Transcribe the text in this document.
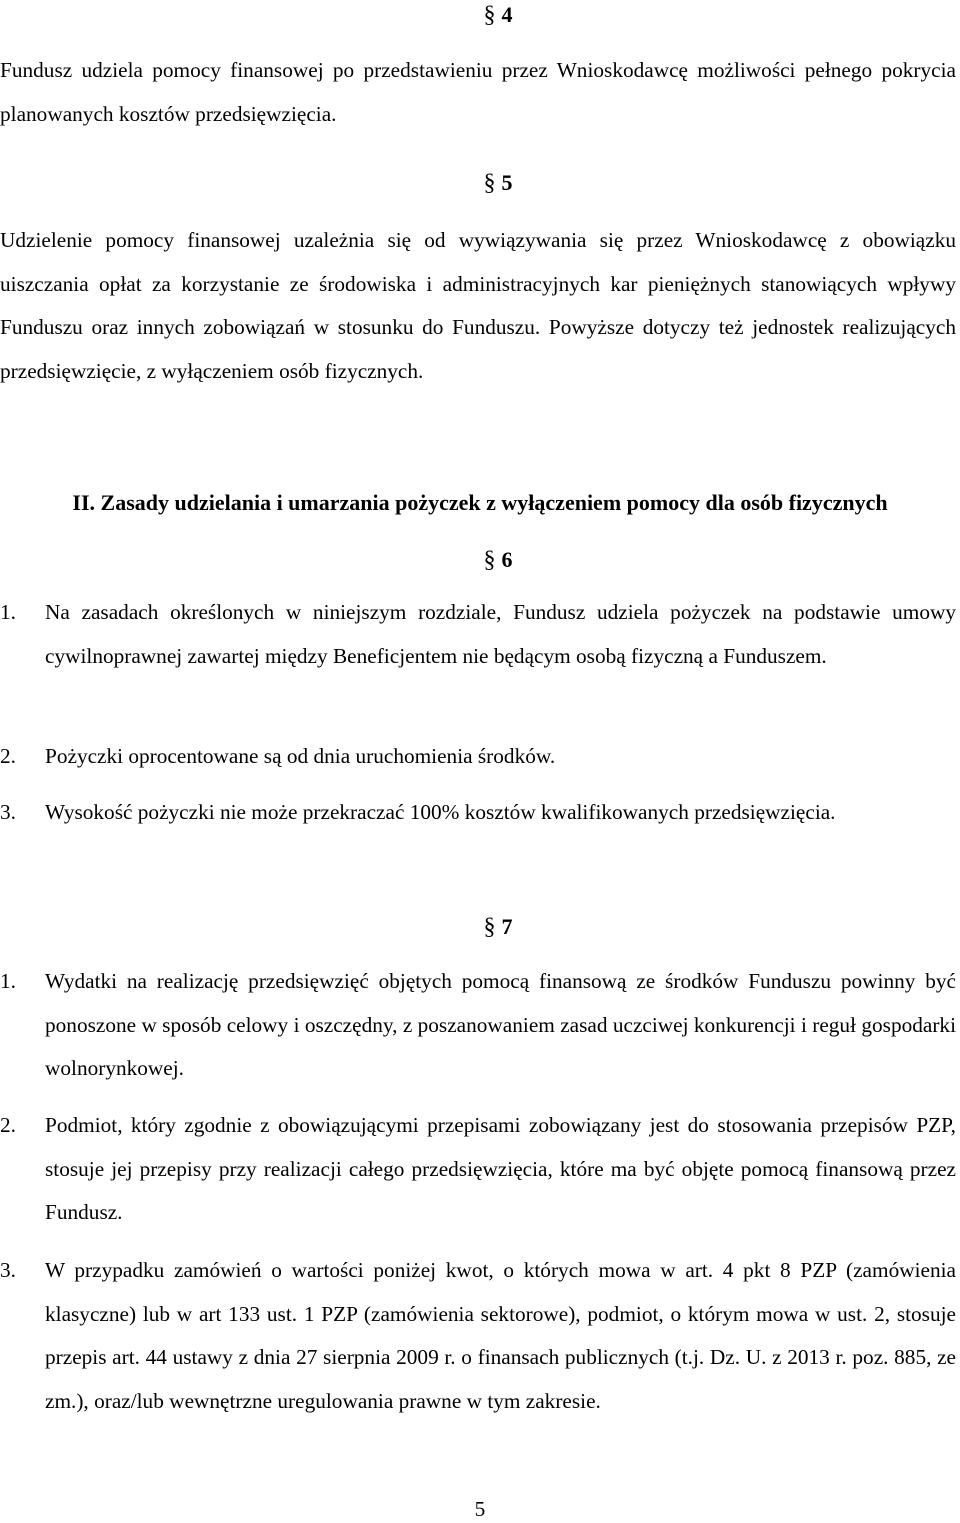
§ 4

Fundusz udziela pomocy finansowej po przedstawieniu przez Wnioskodawcę możliwości pełnego pokrycia planowanych kosztów przedsięwzięcia.

§ 5

Udzielenie pomocy finansowej uzależnia się od wywiązywania się przez Wnioskodawcę z obowiązku uiszczania opłat za korzystanie ze środowiska i administracyjnych kar pieniężnych stanowiących wpływy Funduszu oraz innych zobowiązań w stosunku do Funduszu. Powyższe dotyczy też jednostek realizujących przedsięwzięcie, z wyłączeniem osób fizycznych.

II. Zasady udzielania i umarzania pożyczek z wyłączeniem pomocy dla osób fizycznych
§ 6
1. Na zasadach określonych w niniejszym rozdziale, Fundusz udziela pożyczek na podstawie umowy cywilnoprawnej zawartej między Beneficjentem nie będącym osobą fizyczną a Funduszem.

2. Pożyczki oprocentowane są od dnia uruchomienia środków.

3. Wysokość pożyczki nie może przekraczać 100% kosztów kwalifikowanych przedsięwzięcia.

§ 7
1. Wydatki na realizację przedsięwzięć objętych pomocą finansową ze środków Funduszu powinny być ponoszone w sposób celowy i oszczędny, z poszanowaniem zasad uczciwej konkurencji i reguł gospodarki wolnorynkowej.

2. Podmiot, który zgodnie z obowiązującymi przepisami zobowiązany jest do stosowania przepisów PZP, stosuje jej przepisy przy realizacji całego przedsięwzięcia, które ma być objęte pomocą finansową przez Fundusz.

3. W przypadku zamówień o wartości poniżej kwot, o których mowa w art. 4 pkt 8 PZP (zamówienia klasyczne) lub w art 133 ust. 1 PZP (zamówienia sektorowe), podmiot, o którym mowa w ust. 2, stosuje przepis art. 44 ustawy z dnia 27 sierpnia 2009 r. o finansach publicznych (t.j. Dz. U. z 2013 r. poz. 885, ze zm.), oraz/lub wewnętrzne uregulowania prawne w tym zakresie.

5
